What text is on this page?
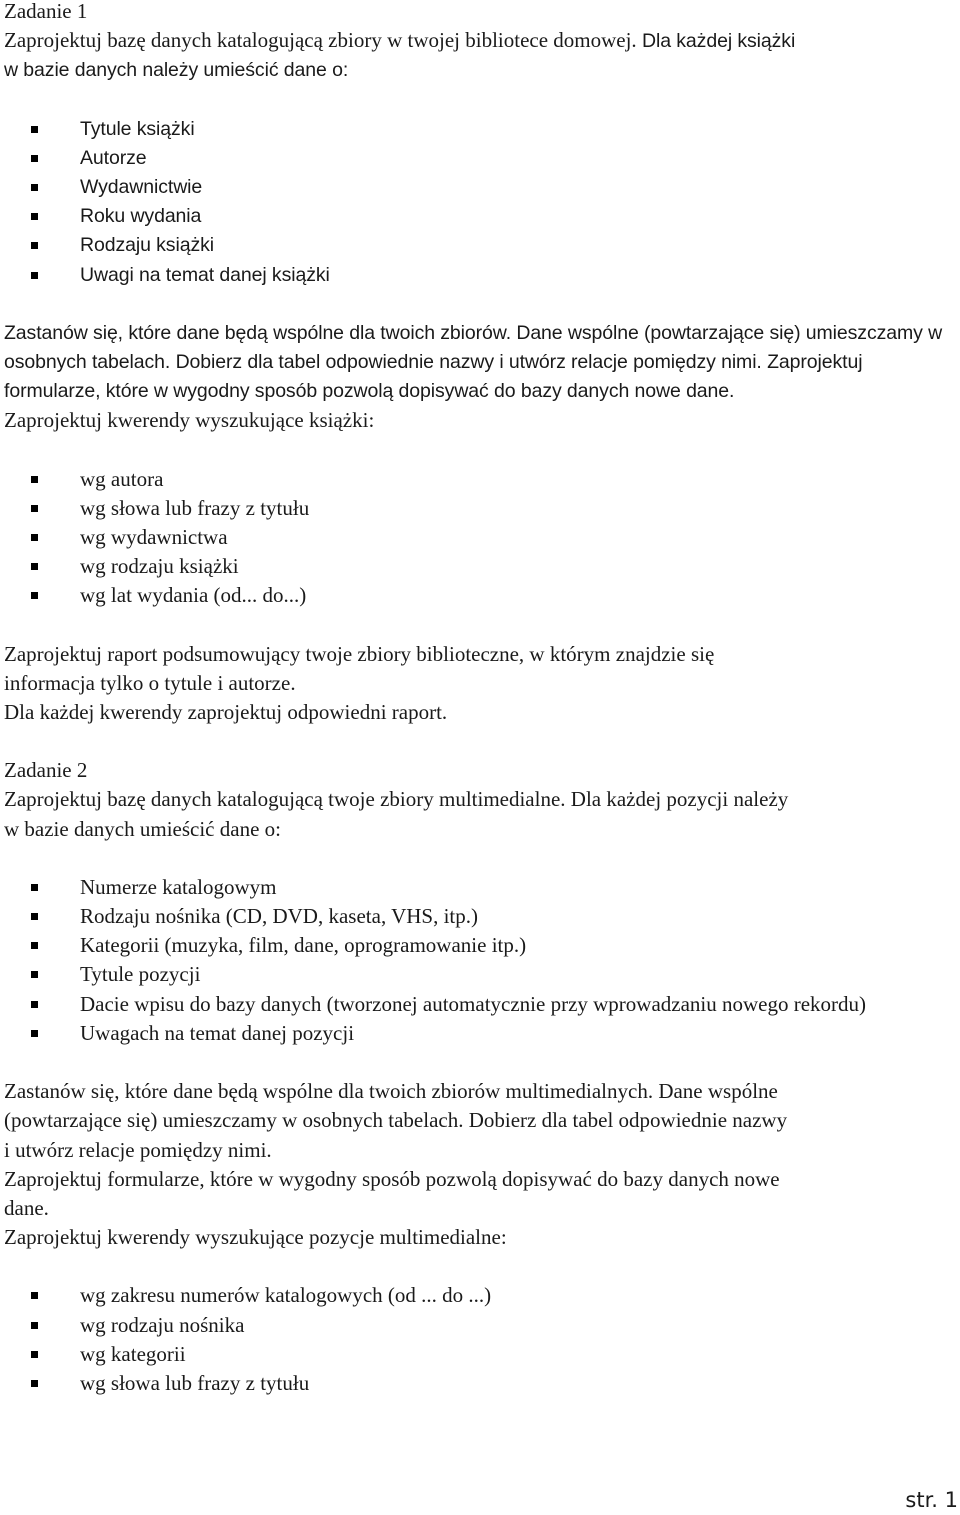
Zadanie 1

Zaprojektuj bazę danych katalogującą zbiory w twojej bibliotece domowej. Dla każdej książki

w bazie danych należy umieścić dane o:

Tytule książki
Autorze
Wydawnictwie
Roku wydania
Rodzaju książki
Uwagi na temat danej książki

Zastanów się, które dane będą wspólne dla twoich zbiorów. Dane wspólne (powtarzające się) umieszczamy w osobnych tabelach. Dobierz dla tabel odpowiednie nazwy i utwórz relacje pomiędzy nimi. Zaprojektuj formularze, które w wygodny sposób pozwolą dopisywać do bazy danych nowe dane.

Zaprojektuj kwerendy wyszukujące książki:

wg autora
wg słowa lub frazy z tytułu
wg wydawnictwa
wg rodzaju książki
wg lat wydania (od... do...)

Zaprojektuj raport podsumowujący twoje zbiory biblioteczne, w którym znajdzie się

informacja tylko o tytule i autorze.

Dla każdej kwerendy zaprojektuj odpowiedni raport.

Zadanie 2

Zaprojektuj bazę danych katalogującą twoje zbiory multimedialne. Dla każdej pozycji należy

w bazie danych umieścić dane o:

Numerze katalogowym
Rodzaju nośnika (CD, DVD, kaseta, VHS, itp.)
Kategorii (muzyka, film, dane, oprogramowanie itp.)
Tytule pozycji
Dacie wpisu do bazy danych (tworzonej automatycznie przy wprowadzaniu nowego rekordu)
Uwagach na temat danej pozycji

Zastanów się, które dane będą wspólne dla twoich zbiorów multimedialnych. Dane wspólne

(powtarzające się) umieszczamy w osobnych tabelach. Dobierz dla tabel odpowiednie nazwy

i utwórz relacje pomiędzy nimi.

Zaprojektuj formularze, które w wygodny sposób pozwolą dopisywać do bazy danych nowe

dane.

Zaprojektuj kwerendy wyszukujące pozycje multimedialne:

wg zakresu numerów katalogowych (od ... do ...)
wg rodzaju nośnika
wg kategorii
wg słowa lub frazy z tytułu
str. 1
